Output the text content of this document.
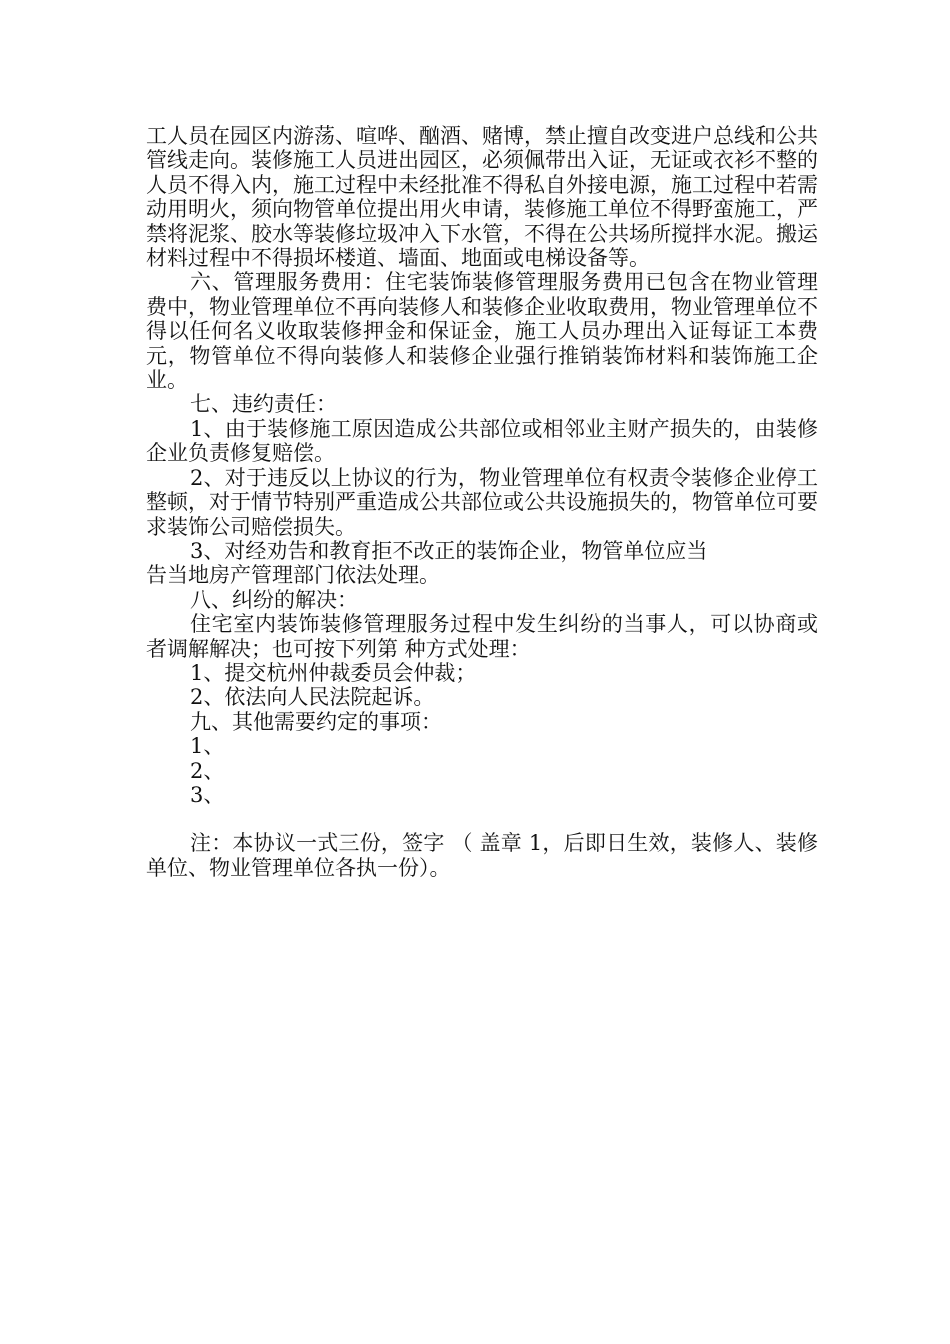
工人员在园区内游荡、喧哗、酗酒、赌博，禁止擅自改变进户总线和公共管线走向。装修施工人员进出园区，必须佩带出入证，无证或衣衫不整的人员不得入内，施工过程中未经批准不得私自外接电源，施工过程中若需动用明火，须向物管单位提出用火申请，装修施工单位不得野蛮施工，严禁将泥浆、胶水等装修垃圾冲入下水管，不得在公共场所搅拌水泥。搬运材料过程中不得损坏楼道、墙面、地面或电梯设备等。

六、管理服务费用：住宅装饰装修管理服务费用已包含在物业管理费中，物业管理单位不再向装修人和装修企业收取费用，物业管理单位不得以任何名义收取装修押金和保证金，施工人员办理出入证每证工本费 元，物管单位不得向装修人和装修企业强行推销装饰材料和装饰施工企业。

七、违约责任：

1、由于装修施工原因造成公共部位或相邻业主财产损失的，由装修企业负责修复赔偿。

2、对于违反以上协议的行为，物业管理单位有权责令装修企业停工整顿，对于情节特别严重造成公共部位或公共设施损失的，物管单位可要求装饰公司赔偿损失。

3、对经劝告和教育拒不改正的装饰企业，物管单位应当

告当地房产管理部门依法处理。

八、纠纷的解决：

住宅室内装饰装修管理服务过程中发生纠纷的当事人，可以协商或者调解解决；也可按下列第 种方式处理：

1、提交杭州仲裁委员会仲裁；

2、依法向人民法院起诉。

九、其他需要约定的事项：

1、

2、

3、

注：本协议一式三份，签字 （ 盖章 1，后即日生效，装修人、装修单位、物业管理单位各执一份）。
